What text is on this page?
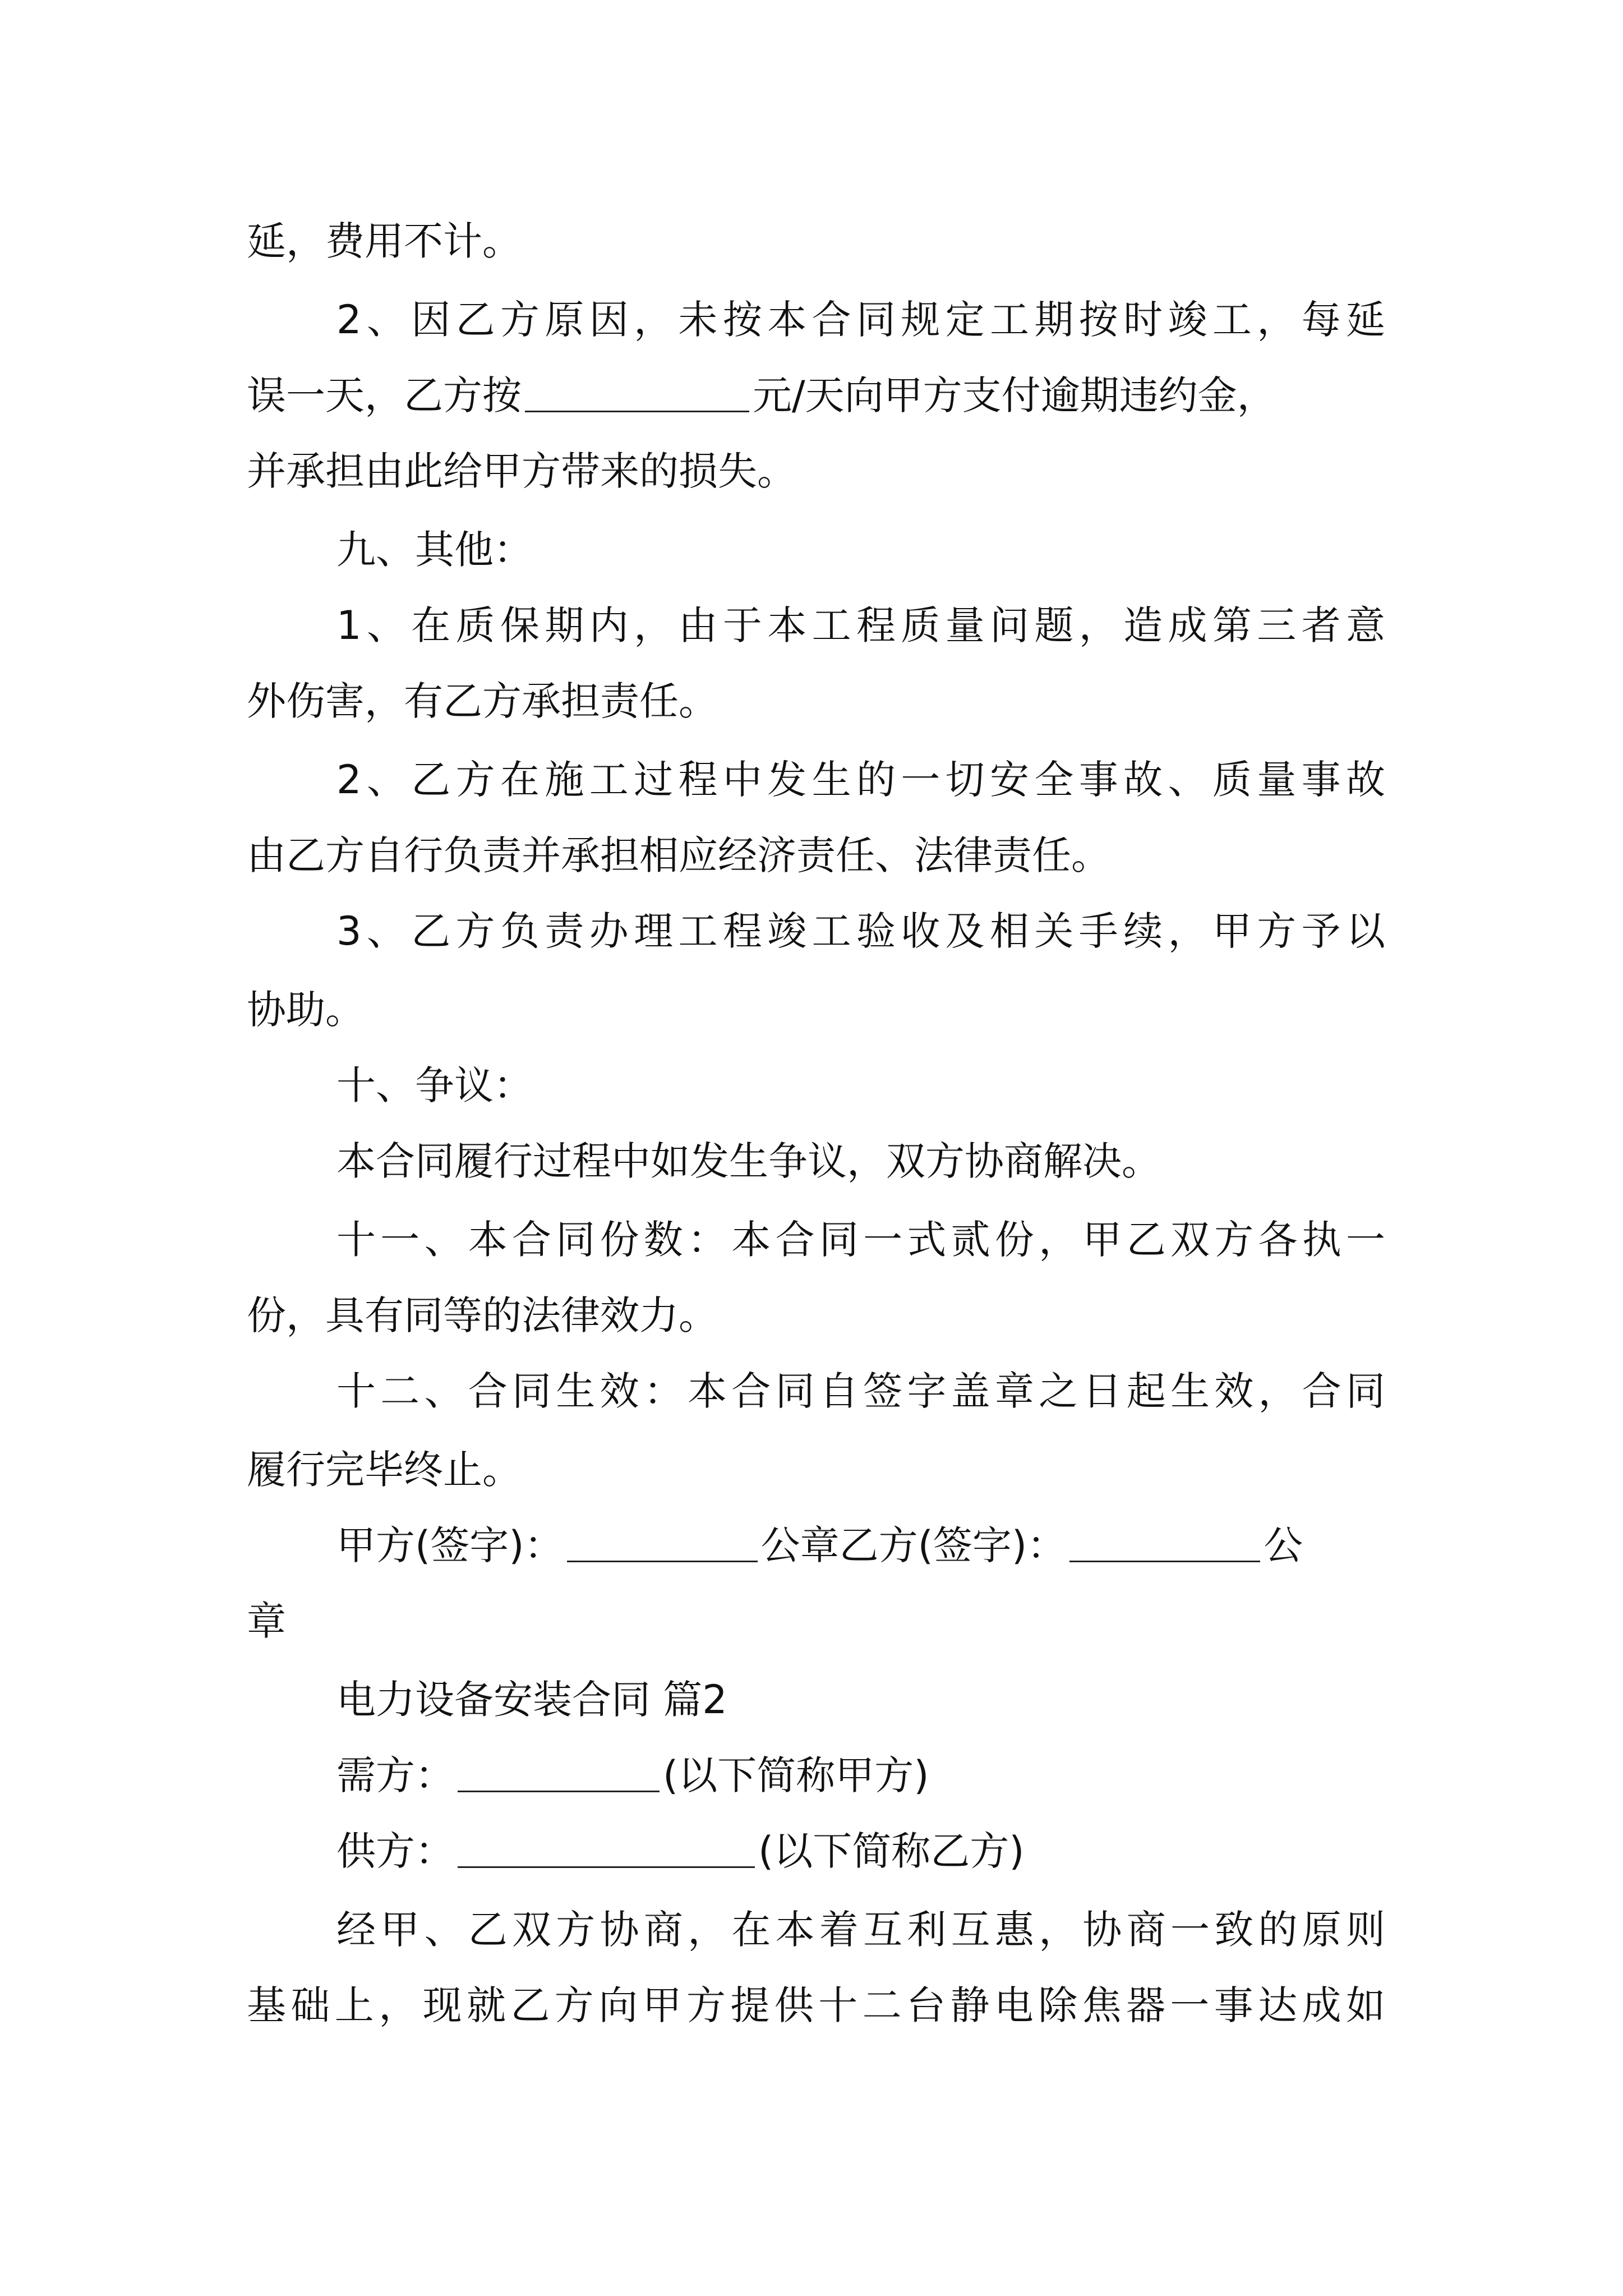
延，费用不计。
2、因乙方原因，未按本合同规定工期按时竣工，每延
误一天，乙方按	元/天向甲方支付逾期违约金，
并承担由此给甲方带来的损失。
九、其他：
1、在质保期内，由于本工程质量问题，造成第三者意
外伤害，有乙方承担责任。
2、乙方在施工过程中发生的一切安全事故、质量事故
由乙方自行负责并承担相应经济责任、法律责任。
3、乙方负责办理工程竣工验收及相关手续，甲方予以
协助。
十、争议：
本合同履行过程中如发生争议，双方协商解决。
十一、本合同份数：本合同一式贰份，甲乙双方各执一
份，具有同等的法律效力。
十二、合同生效：本合同自签字盖章之日起生效，合同
履行完毕终止。
甲方(签字)：	公章乙方(签字)：	公
章
电力设备安装合同 篇2
需方：	(以下简称甲方)
供方：	(以下简称乙方)
经甲、乙双方协商，在本着互利互惠，协商一致的原则
基础上，现就乙方向甲方提供十二台静电除焦器一事达成如
